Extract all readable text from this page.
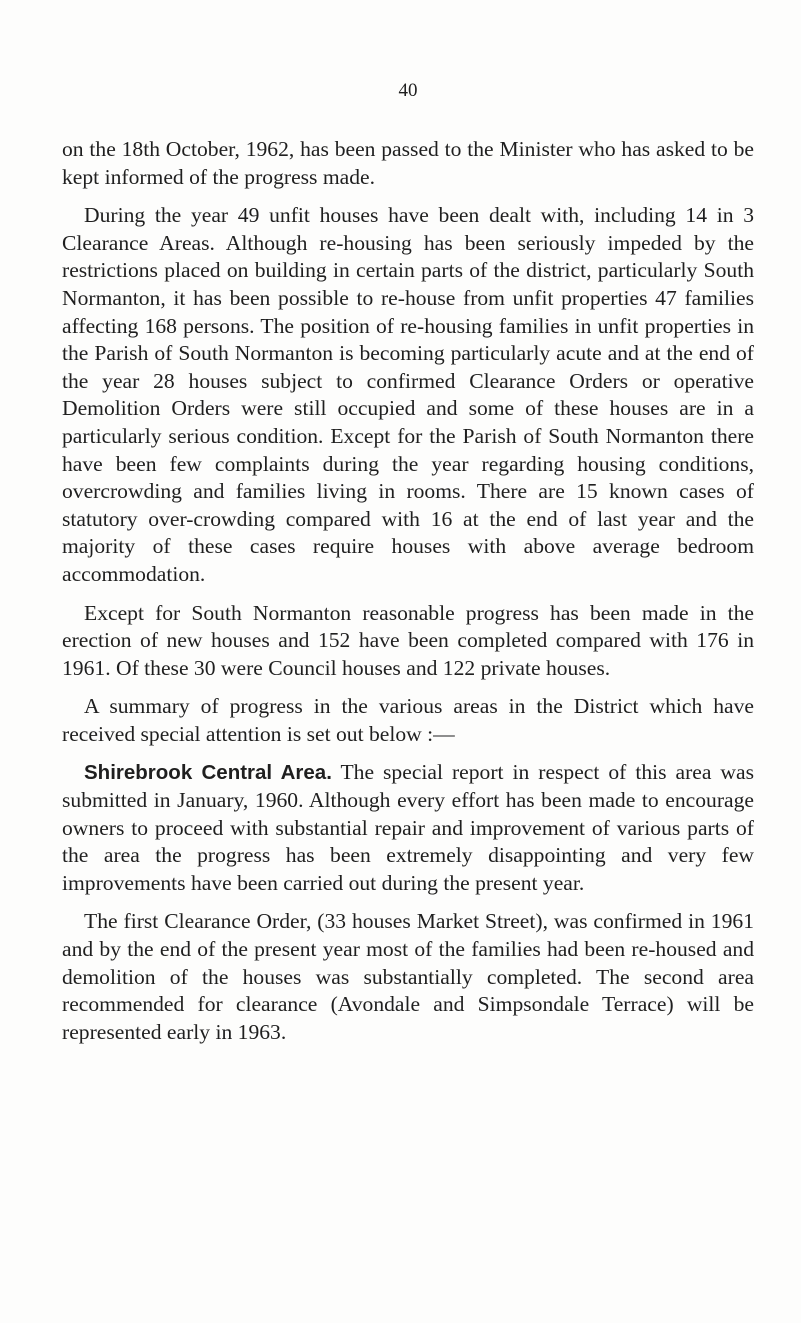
40

on the 18th October, 1962, has been passed to the Minister who has asked to be kept informed of the progress made.

During the year 49 unfit houses have been dealt with, including 14 in 3 Clearance Areas. Although re-housing has been seriously impeded by the restrictions placed on building in certain parts of the district, particularly South Normanton, it has been possible to re-house from unfit properties 47 families affecting 168 persons. The position of re-housing families in unfit properties in the Parish of South Normanton is becoming particularly acute and at the end of the year 28 houses subject to confirmed Clearance Orders or operative Demolition Orders were still occupied and some of these houses are in a particularly serious condition. Except for the Parish of South Normanton there have been few complaints during the year regarding housing conditions, overcrowding and families living in rooms. There are 15 known cases of statutory over-crowding compared with 16 at the end of last year and the majority of these cases require houses with above average bedroom accommodation.

Except for South Normanton reasonable progress has been made in the erection of new houses and 152 have been completed compared with 176 in 1961. Of these 30 were Council houses and 122 private houses.

A summary of progress in the various areas in the District which have received special attention is set out below :—

Shirebrook Central Area. The special report in respect of this area was submitted in January, 1960. Although every effort has been made to encourage owners to proceed with substantial repair and improvement of various parts of the area the progress has been extremely disappointing and very few improvements have been carried out during the present year.

The first Clearance Order, (33 houses Market Street), was confirmed in 1961 and by the end of the present year most of the families had been re-housed and demolition of the houses was substantially completed. The second area recommended for clearance (Avondale and Simpsondale Terrace) will be represented early in 1963.
